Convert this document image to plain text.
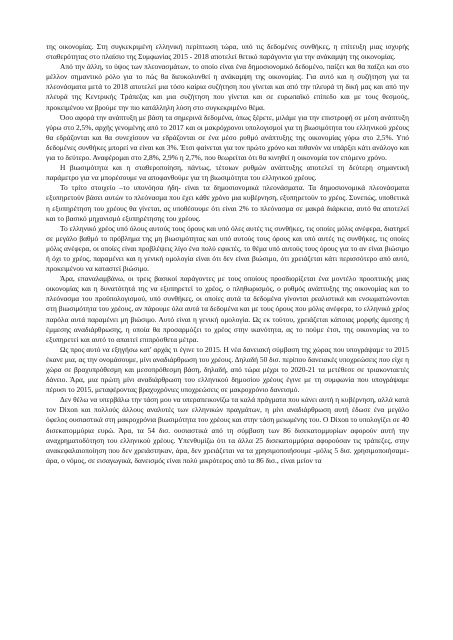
της οικονομίας. Στη συγκεκριμένη ελληνική περίπτωση τώρα, υπό τις δεδομένες συνθήκες, η επίτευξη μιας ισχυρής σταθερότητας στο πλαίσιο της Συμφωνίας 2015 - 2018 αποτελεί θετικό παράγοντα για την ανάκαμψη της οικονομίας.

Από την άλλη, το ύψος των πλεονασμάτων, το οποίο είναι ένα δημοσιονομικό δεδομένο, παίζει και θα παίζει και στο μέλλον σημαντικό ρόλο για το πώς θα διευκολυνθεί η ανάκαμψη της οικονομίας. Για αυτό και η συζήτηση για τα πλεονάσματα μετά το 2018 αποτελεί μια τόσο καίρια συζήτηση που γίνεται και από την πλευρά τη δική μας και από την πλευρά της Κεντρικής Τράπεζας και μια συζήτηση που γίνεται και σε ευρωπαϊκό επίπεδο και με τους θεσμούς, προκειμένου να βρούμε την πιο κατάλληλη λύση στο συγκεκριμένο θέμα.

Όσο αφορά την ανάπτυξη με βάση τα σημερινά δεδομένα, όπως ξέρετε, μιλάμε για την επιστροφή σε μέση ανάπτυξη γύρω στο 2,5%, αρχής γενομένης από το 2017 και οι μακρόχρονοι υπολογισμοί για τη βιωσιμότητα του ελληνικού χρέους θα εδράζονται και θα συνεχίσουν να εδράζονται σε ένα μέσο ρυθμό ανάπτυξης της οικονομίας γύρω στο 2,5%. Υπό δεδομένες συνθήκες μπορεί να είναι και 3%. Έτσι φαίνεται για τον πρώτο χρόνο και πιθανόν να υπάρξει κάτι ανάλογο και για το δεύτερο. Αναφέρομαι στο 2,8%, 2,9% η 2,7%, που θεωρείται ότι θα κινηθεί η οικονομία τον επόμενο χρόνο.

Η βιωσιμότητα και η σταθεροποίηση, πάντως, τέτοιων ρυθμών ανάπτυξης αποτελεί τη δεύτερη σημαντική παράμετρο για να μπορέσουμε να αποφανθούμε για τη βιωσιμότητα του ελληνικού χρέους.

Το τρίτο στοιχείο –το υπονόησα ήδη- είναι τα δημοσιονομικά πλεονάσματα. Τα δημοσιονομικά πλεονάσματα εξυπηρετούν βάσει αυτών το πλεόνασμα που έχει κάθε χρόνο μια κυβέρνηση, εξυπηρετούν το χρέος. Συνεπώς, υποθετικά η εξυπηρέτηση του χρέους θα γίνεται, ας υποθέσουμε ότι είναι 2% το πλεόνασμα σε μακρά διάρκεια, αυτό θα αποτελεί και το βασικό μηχανισμό εξυπηρέτησης του χρέους.

Το ελληνικό χρέος υπό όλους αυτούς τους όρους και υπό όλες αυτές τις συνθήκες, τις οποίες μόλις ανέφερα, διατηρεί σε μεγάλο βαθμό το πρόβλημα της μη βιωσιμότητας και υπό αυτούς τους όρους και υπό αυτές τις συνθήκες, τις οποίες μόλις ανέφερα, οι οποίες είναι προβλέψεις λίγο ένα πολύ εφικτές, το θέμα υπό αυτούς τους όρους για το αν είναι βιώσιμο ή όχι το χρέος, παραμένει και η γενική ομολογία είναι ότι δεν είναι βιώσιμο, ότι χρειάζεται κάτι περισσότερο από αυτό, προκειμένου να καταστεί βιώσιμο.

Άρα, επαναλαμβάνω, οι τρεις βασικοί παράγοντες με τους οποίους προσδιορίζεται ένα μοντέλο προοπτικής μιας οικονομίας και η δυνατότητά της να εξυπηρετεί το χρέος, ο πληθωρισμός, ο ρυθμός ανάπτυξης της οικονομίας και το πλεόνασμα του προϋπολογισμού, υπό συνθήκες, οι οποίες αυτά τα δεδομένα γίνονται ρεαλιστικά και ενσωματώνονται στη βιωσιμότητα του χρέους, αν πάρουμε όλα αυτά τα δεδομένα και με τους όρους που μόλις ανέφερα, το ελληνικό χρέος παρόλα αυτά παραμένει μη βιώσιμο. Αυτό είναι η γενική ομολογία. Ως εκ τούτου, χρειάζεται κάποιας μορφής άμεσης ή έμμεσης αναδιάρθρωσης, η οποία θα προσαρμόζει το χρέος στην ικανότητα, ας το πούμε έτσι, της οικονομίας να το εξυπηρετεί και αυτό το απαιτεί επιπρόσθετα μέτρα.

Ως προς αυτό να εξηγήσω κατ' αρχάς τι έγινε το 2015. Η νέα δανειακή σύμβαση της χώρας που υπογράψαμε το 2015 έκανε μια, ας την ονομάσουμε, μίνι αναδιάρθρωση του χρέους. Δηλαδή 50 δισ. περίπου δανειακές υποχρεώσεις που είχε η χώρα σε βραχυπρόθεσμη και μεσοπρόθεσμη βάση, δηλαδή, από τώρα μέχρι το 2020-21 τα μετέθεσε σε τριακονταετές δάνειο. Άρα, μια πρώτη μίνι αναδιάρθρωση του ελληνικού δημοσίου χρέους έγινε με τη συμφωνία που υπογράψαμε πέρυσι το 2015, μεταφέροντας βραχυχρόνιες υποχρεώσεις σε μακροχρόνιο δανεισμό.

Δεν θέλω να υπερβάλω την τάση μου να υπεραπεικονίζω τα καλά πράγματα που κάνει αυτή η κυβέρνηση, αλλά κατά τον Dixon και πολλούς άλλους αναλυτές των ελληνικών πραγμάτων, η μίνι αναδιάρθρωση αυτή έδωσε ένα μεγάλο όφελος ουσιαστικά στη μακροχρόνια βιωσιμότητα του χρέους και στην τάση μειωμένης του. Ο Dixon το υπολογίζει σε 40 δισεκατομμύρια ευρώ. Άρα, τα 54 δισ. ουσιαστικά από τη σύμβαση των 86 δισεκατομμυρίων αφορούν αυτή την αναχρηματοδότηση του ελληνικού χρέους. Υπενθυμίζω ότι τα άλλα 25 δισεκατομμύρια αφορούσαν τις τράπεζες, στην ανακεφαλαιοποίηση που δεν χρειάστηκαν, άρα, δεν χρειάζεται να τα χρησιμοποιήσουμε -μόλις 5 δισ. χρησιμοποιήσαμε- άρα, ο νόμος, σε εισαγωγικά, δανεισμός είναι πολύ μικρότερος από τα 86 δισ., είναι μείον τα
